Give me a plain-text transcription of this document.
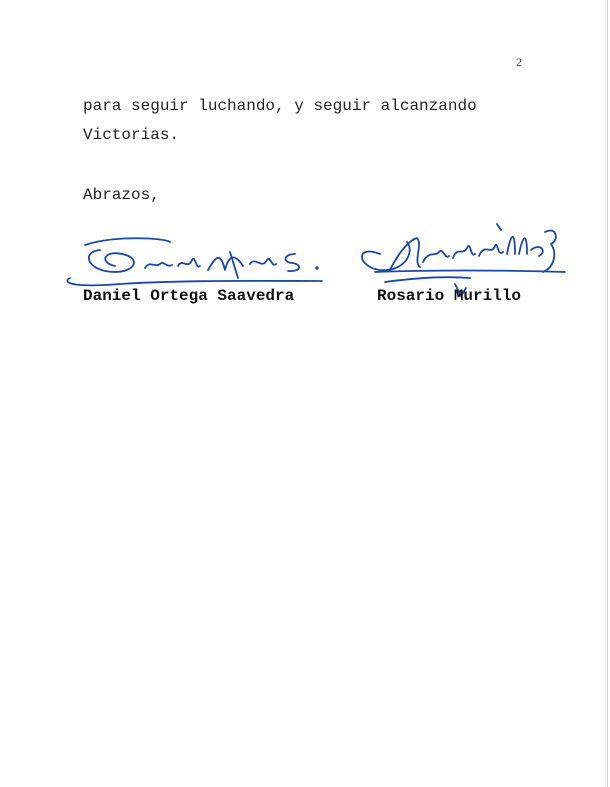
2
para seguir luchando, y seguir alcanzando
Victorias.
Abrazos,
Daniel Ortega Saavedra	Rosario Murillo
